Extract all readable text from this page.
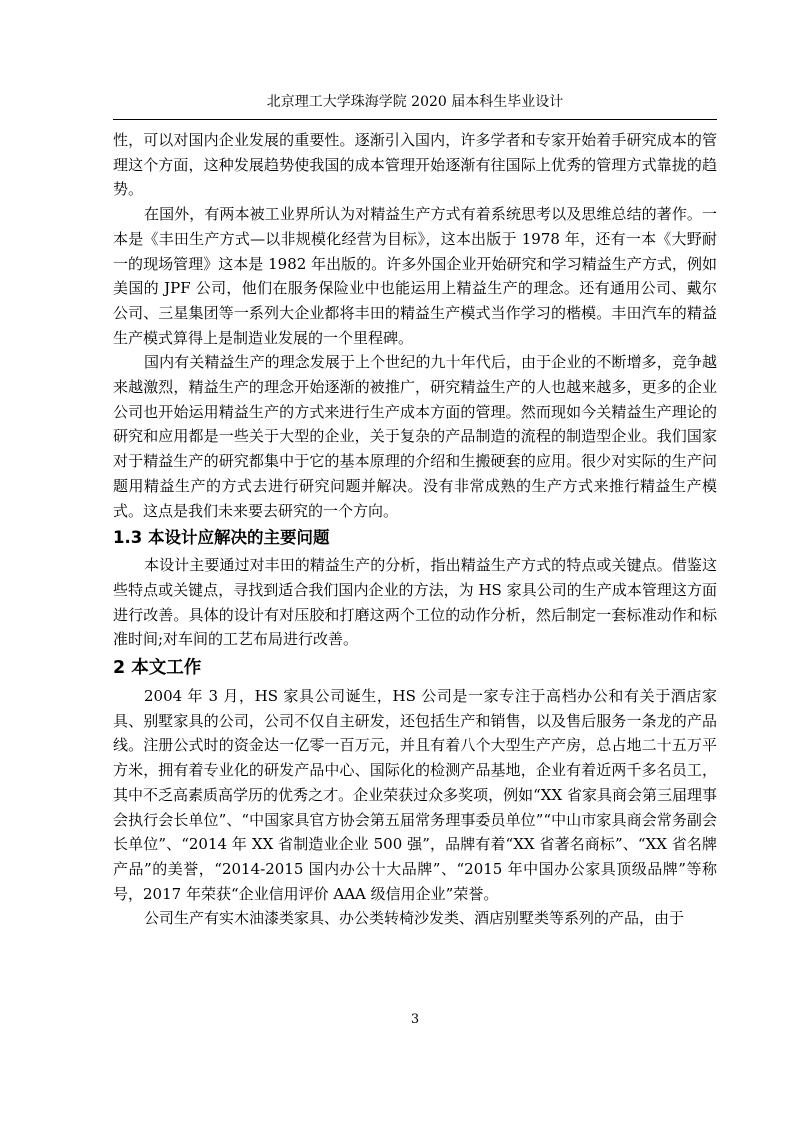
北京理工大学珠海学院 2020 届本科生毕业设计

性，可以对国内企业发展的重要性。逐渐引入国内，许多学者和专家开始着手研究成本的管理这个方面，这种发展趋势使我国的成本管理开始逐渐有往国际上优秀的管理方式靠拢的趋势。

在国外，有两本被工业界所认为对精益生产方式有着系统思考以及思维总结的著作。一本是《丰田生产方式—以非规模化经营为目标》，这本出版于 1978 年，还有一本《大野耐一的现场管理》这本是 1982 年出版的。许多外国企业开始研究和学习精益生产方式，例如美国的 JPF 公司，他们在服务保险业中也能运用上精益生产的理念。还有通用公司、戴尔公司、三星集团等一系列大企业都将丰田的精益生产模式当作学习的楷模。丰田汽车的精益生产模式算得上是制造业发展的一个里程碑。

国内有关精益生产的理念发展于上个世纪的九十年代后，由于企业的不断增多，竞争越来越激烈，精益生产的理念开始逐渐的被推广，研究精益生产的人也越来越多，更多的企业公司也开始运用精益生产的方式来进行生产成本方面的管理。然而现如今关精益生产理论的研究和应用都是一些关于大型的企业，关于复杂的产品制造的流程的制造型企业。我们国家对于精益生产的研究都集中于它的基本原理的介绍和生搬硬套的应用。很少对实际的生产问题用精益生产的方式去进行研究问题并解决。没有非常成熟的生产方式来推行精益生产模式。这点是我们未来要去研究的一个方向。

1.3 本设计应解决的主要问题

本设计主要通过对丰田的精益生产的分析，指出精益生产方式的特点或关键点。借鉴这些特点或关键点，寻找到适合我们国内企业的方法，为 HS 家具公司的生产成本管理这方面进行改善。具体的设计有对压胶和打磨这两个工位的动作分析，然后制定一套标准动作和标准时间;对车间的工艺布局进行改善。

2 本文工作

2004 年 3 月，HS 家具公司诞生，HS 公司是一家专注于高档办公和有关于酒店家具、别墅家具的公司，公司不仅自主研发，还包括生产和销售，以及售后服务一条龙的产品线。注册公式时的资金达一亿零一百万元，并且有着八个大型生产产房，总占地二十五万平方米，拥有着专业化的研发产品中心、国际化的检测产品基地，企业有着近两千多名员工，其中不乏高素质高学历的优秀之才。企业荣获过众多奖项，例如“XX 省家具商会第三届理事会执行会长单位”、“中国家具官方协会第五届常务理事委员单位”“中山市家具商会常务副会长单位”、“2014 年 XX 省制造业企业 500 强”，品牌有着“XX 省著名商标”、“XX 省名牌产品”的美誉，“2014-2015 国内办公十大品牌”、“2015 年中国办公家具顶级品牌”等称号，2017 年荣获“企业信用评价 AAA 级信用企业”荣誉。

公司生产有实木油漆类家具、办公类转椅沙发类、酒店别墅类等系列的产品，由于

3
